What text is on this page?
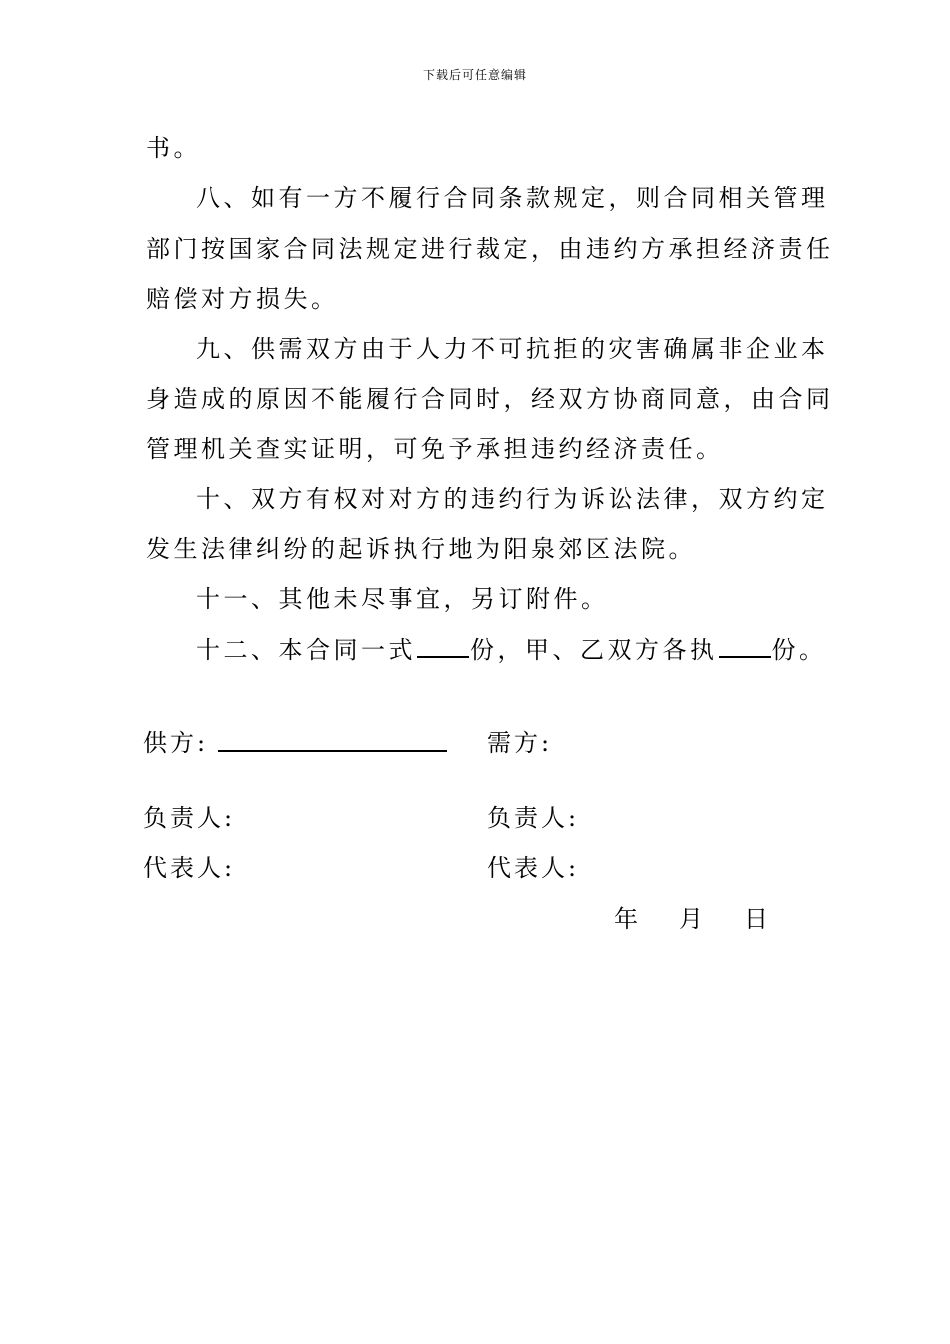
下载后可任意编辑
书。
八、如有一方不履行合同条款规定，则合同相关管理
部门按国家合同法规定进行裁定，由违约方承担经济责任
赔偿对方损失。
九、供需双方由于人力不可抗拒的灾害确属非企业本
身造成的原因不能履行合同时，经双方协商同意，由合同
管理机关查实证明，可免予承担违约经济责任。
十、双方有权对对方的违约行为诉讼法律，双方约定
发生法律纠纷的起诉执行地为阳泉郊区法院。
十一、其他未尽事宜，另订附件。
十二、本合同一式 份，甲、乙双方各执 份。
供方:	需方:
负责人:	负责人:
代表人:	代表人:
年 月 日
